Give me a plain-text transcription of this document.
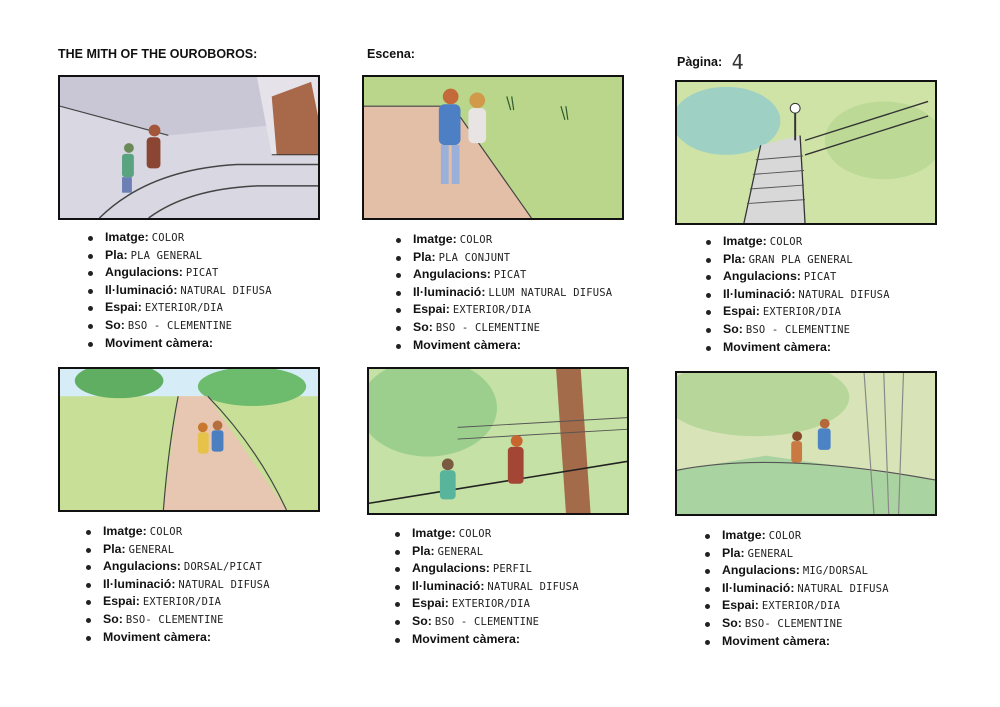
THE MITH OF THE OUROBOROS:	Escena:
Pàgina: 4
Imatge: COLOR
Pla: PLA GENERAL
Angulacions: PICAT
Il·luminació: NATURAL DIFUSA
Espai: EXTERIOR/DIA
So: BSO - CLEMENTINE
Moviment càmera:
Imatge: COLOR
Pla: PLA CONJUNT
Angulacions: PICAT
Il·luminació: LLUM NATURAL DIFUSA
Espai: EXTERIOR/DIA
So: BSO - CLEMENTINE
Moviment càmera:
Imatge: COLOR
Pla: GRAN PLA GENERAL
Angulacions: PICAT
Il·luminació: NATURAL DIFUSA
Espai: EXTERIOR/DIA
So: BSO - CLEMENTINE
Moviment càmera:
Imatge: COLOR
Pla: GENERAL
Angulacions: DORSAL/PICAT
Il·luminació: NATURAL DIFUSA
Espai: EXTERIOR/DIA
So: BSO- CLEMENTINE
Moviment càmera:
Imatge: COLOR
Pla: GENERAL
Angulacions: PERFIL
Il·luminació: NATURAL DIFUSA
Espai: EXTERIOR/DIA
So: BSO - CLEMENTINE
Moviment càmera:
Imatge: COLOR
Pla: GENERAL
Angulacions: MIG/DORSAL
Il·luminació: NATURAL DIFUSA
Espai: EXTERIOR/DIA
So: BSO- CLEMENTINE
Moviment càmera:
